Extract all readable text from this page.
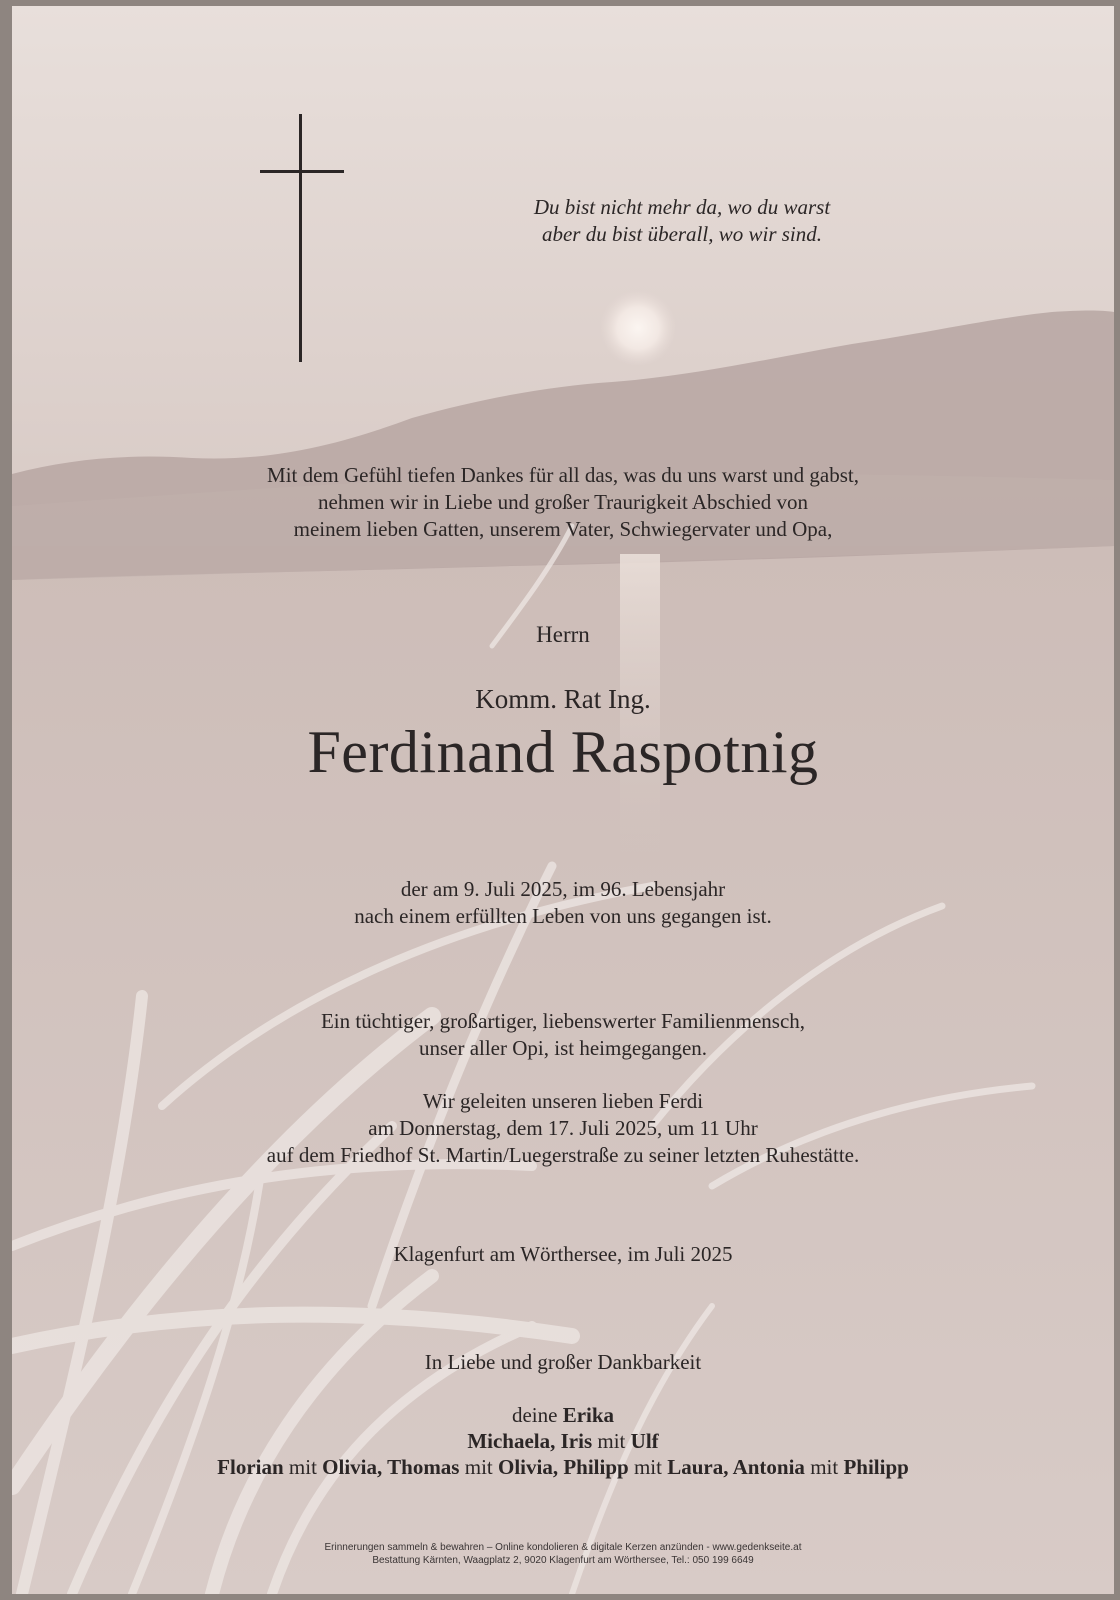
Du bist nicht mehr da, wo du warst
aber du bist überall, wo wir sind.
Mit dem Gefühl tiefen Dankes für all das, was du uns warst und gabst,
nehmen wir in Liebe und großer Traurigkeit Abschied von
meinem lieben Gatten, unserem Vater, Schwiegervater und Opa,
Herrn
Komm. Rat Ing.
Ferdinand Raspotnig
der am 9. Juli 2025, im 96. Lebensjahr
nach einem erfüllten Leben von uns gegangen ist.
Ein tüchtiger, großartiger, liebenswerter Familienmensch,
unser aller Opi, ist heimgegangen.
Wir geleiten unseren lieben Ferdi
am Donnerstag, dem 17. Juli 2025, um 11 Uhr
auf dem Friedhof St. Martin/Luegerstraße zu seiner letzten Ruhestätte.
Klagenfurt am Wörthersee, im Juli 2025
In Liebe und großer Dankbarkeit
deine Erika
Michaela, Iris mit Ulf
Florian mit Olivia, Thomas mit Olivia, Philipp mit Laura, Antonia mit Philipp
Erinnerungen sammeln & bewahren – Online kondolieren & digitale Kerzen anzünden - www.gedenkseite.at
Bestattung Kärnten, Waagplatz 2, 9020 Klagenfurt am Wörthersee, Tel.: 050 199 6649
